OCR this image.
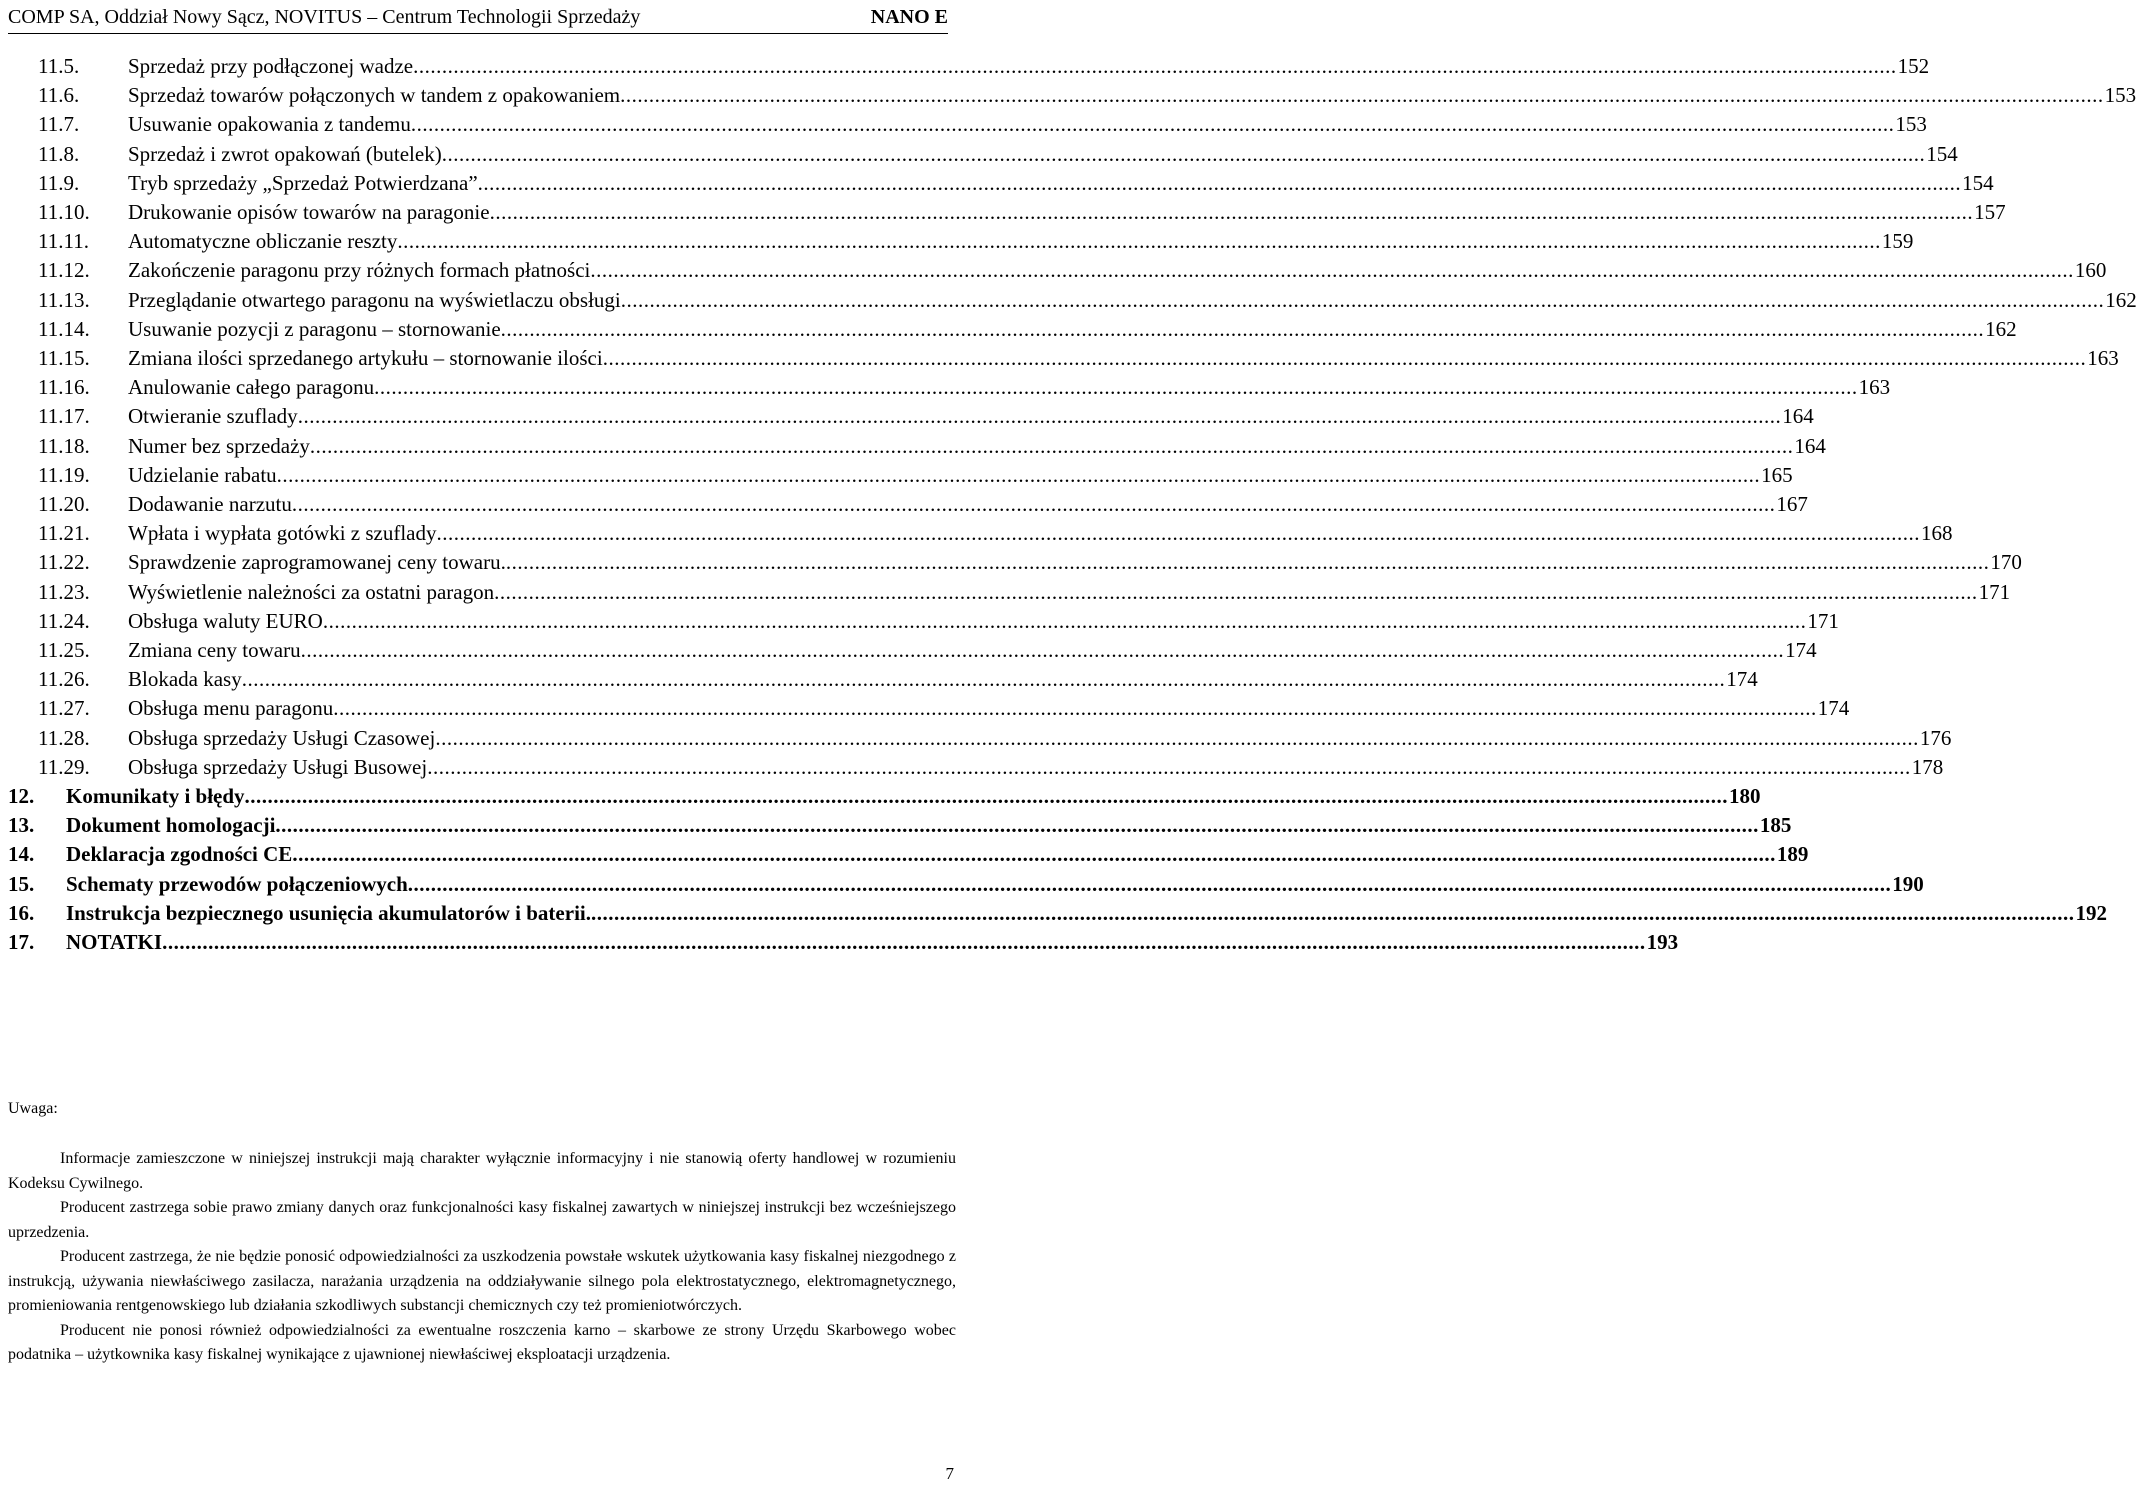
COMP SA, Oddział Nowy Sącz, NOVITUS – Centrum Technologii Sprzedaży	NANO E
11.5.	Sprzedaż przy podłączonej wadze .....	152
11.6.	Sprzedaż towarów połączonych w tandem z opakowaniem .....	153
11.7.	Usuwanie opakowania z tandemu .....	153
11.8.	Sprzedaż i zwrot opakowań (butelek) .....	154
11.9.	Tryb sprzedaży „Sprzedaż Potwierdzana” .....	154
11.10.	Drukowanie opisów towarów na paragonie .....	157
11.11.	Automatyczne obliczanie reszty .....	159
11.12.	Zakończenie paragonu przy różnych formach płatności .....	160
11.13.	Przeglądanie otwartego paragonu na wyświetlaczu obsługi .....	162
11.14.	Usuwanie pozycji z paragonu – stornowanie .....	162
11.15.	Zmiana ilości sprzedanego artykułu – stornowanie ilości .....	163
11.16.	Anulowanie całego paragonu .....	163
11.17.	Otwieranie szuflady .....	164
11.18.	Numer bez sprzedaży .....	164
11.19.	Udzielanie rabatu .....	165
11.20.	Dodawanie narzutu .....	167
11.21.	Wpłata i wypłata gotówki z szuflady .....	168
11.22.	Sprawdzenie zaprogramowanej ceny towaru. .....	170
11.23.	Wyświetlenie należności za ostatni paragon .....	171
11.24.	Obsługa waluty EURO .....	171
11.25.	Zmiana ceny towaru .....	174
11.26.	Blokada kasy .....	174
11.27.	Obsługa menu paragonu .....	174
11.28.	Obsługa sprzedaży Usługi Czasowej .....	176
11.29.	Obsługa sprzedaży Usługi Busowej .....	178
12.	Komunikaty i błędy .....	180
13.	Dokument homologacji .....	185
14.	Deklaracja zgodności CE .....	189
15.	Schematy przewodów połączeniowych .....	190
16.	Instrukcja bezpiecznego usunięcia akumulatorów i baterii. .....	192
17.	NOTATKI .....	193
Uwaga:

Informacje zamieszczone w niniejszej instrukcji mają charakter wyłącznie informacyjny i nie stanowią oferty handlowej w rozumieniu Kodeksu Cywilnego.

Producent zastrzega sobie prawo zmiany danych oraz funkcjonalności kasy fiskalnej zawartych w niniejszej instrukcji bez wcześniejszego uprzedzenia.

Producent zastrzega, że nie będzie ponosić odpowiedzialności za uszkodzenia powstałe wskutek użytkowania kasy fiskalnej niezgodnego z instrukcją, używania niewłaściwego zasilacza, narażania urządzenia na oddziaływanie silnego pola elektrostatycznego, elektromagnetycznego, promieniowania rentgenowskiego lub działania szkodliwych substancji chemicznych czy też promieniotwórczych.

Producent nie ponosi również odpowiedzialności za ewentualne roszczenia karno – skarbowe ze strony Urzędu Skarbowego wobec podatnika – użytkownika kasy fiskalnej wynikające z ujawnionej niewłaściwej eksploatacji urządzenia.

7
